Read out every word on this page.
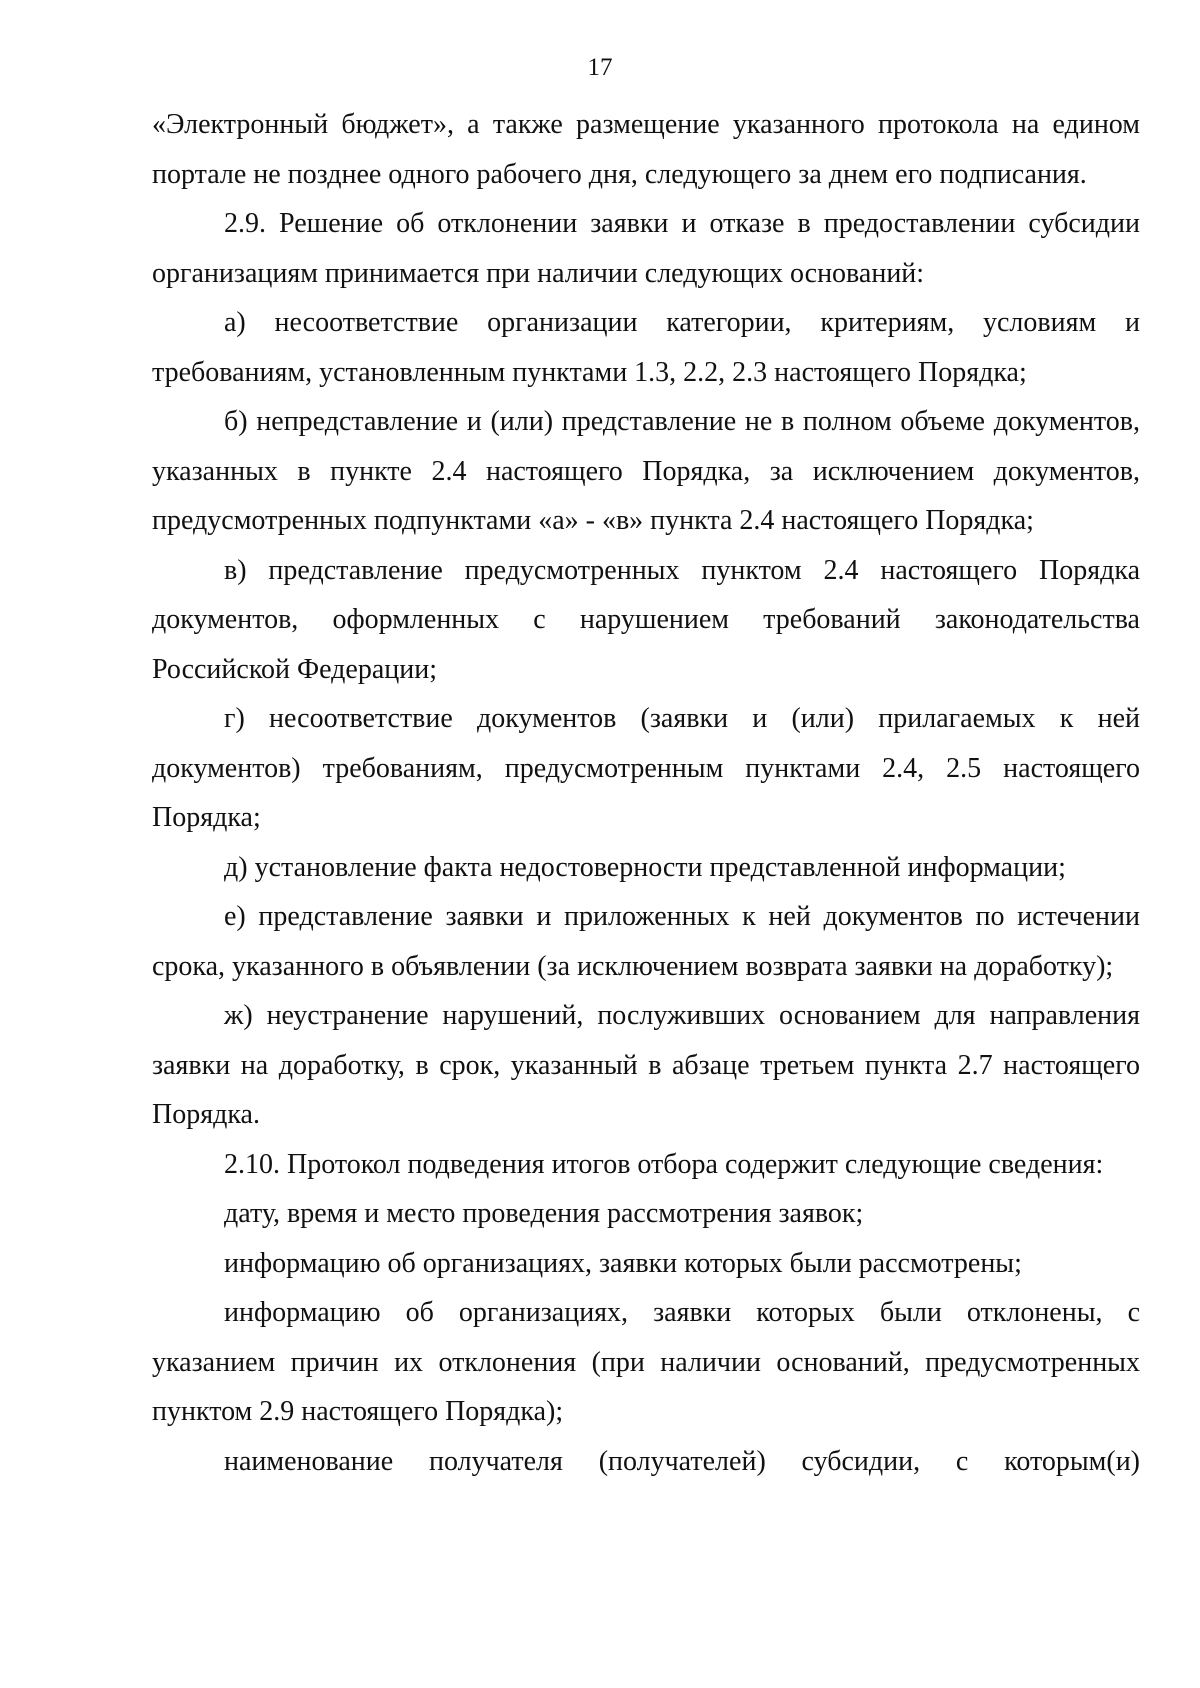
17

«Электронный бюджет», а также размещение указанного протокола на едином портале не позднее одного рабочего дня, следующего за днем его подписания.

2.9. Решение об отклонении заявки и отказе в предоставлении субсидии организациям принимается при наличии следующих оснований:

а) несоответствие организации категории, критериям, условиям и требованиям, установленным пунктами 1.3, 2.2, 2.3 настоящего Порядка;

б) непредставление и (или) представление не в полном объеме документов, указанных в пункте 2.4 настоящего Порядка, за исключением документов, предусмотренных подпунктами «а» - «в» пункта 2.4 настоящего Порядка;

в) представление предусмотренных пунктом 2.4 настоящего Порядка документов, оформленных с нарушением требований законодательства Российской Федерации;

г) несоответствие документов (заявки и (или) прилагаемых к ней документов) требованиям, предусмотренным пунктами 2.4, 2.5 настоящего Порядка;

д) установление факта недостоверности представленной информации;

е) представление заявки и приложенных к ней документов по истечении срока, указанного в объявлении (за исключением возврата заявки на доработку);

ж) неустранение нарушений, послуживших основанием для направления заявки на доработку, в срок, указанный в абзаце третьем пункта 2.7 настоящего Порядка.

2.10. Протокол подведения итогов отбора содержит следующие сведения:

дату, время и место проведения рассмотрения заявок;

информацию об организациях, заявки которых были рассмотрены;

информацию об организациях, заявки которых были отклонены, с указанием причин их отклонения (при наличии оснований, предусмотренных пунктом 2.9 настоящего Порядка);

наименование получателя (получателей) субсидии, с которым(и)
